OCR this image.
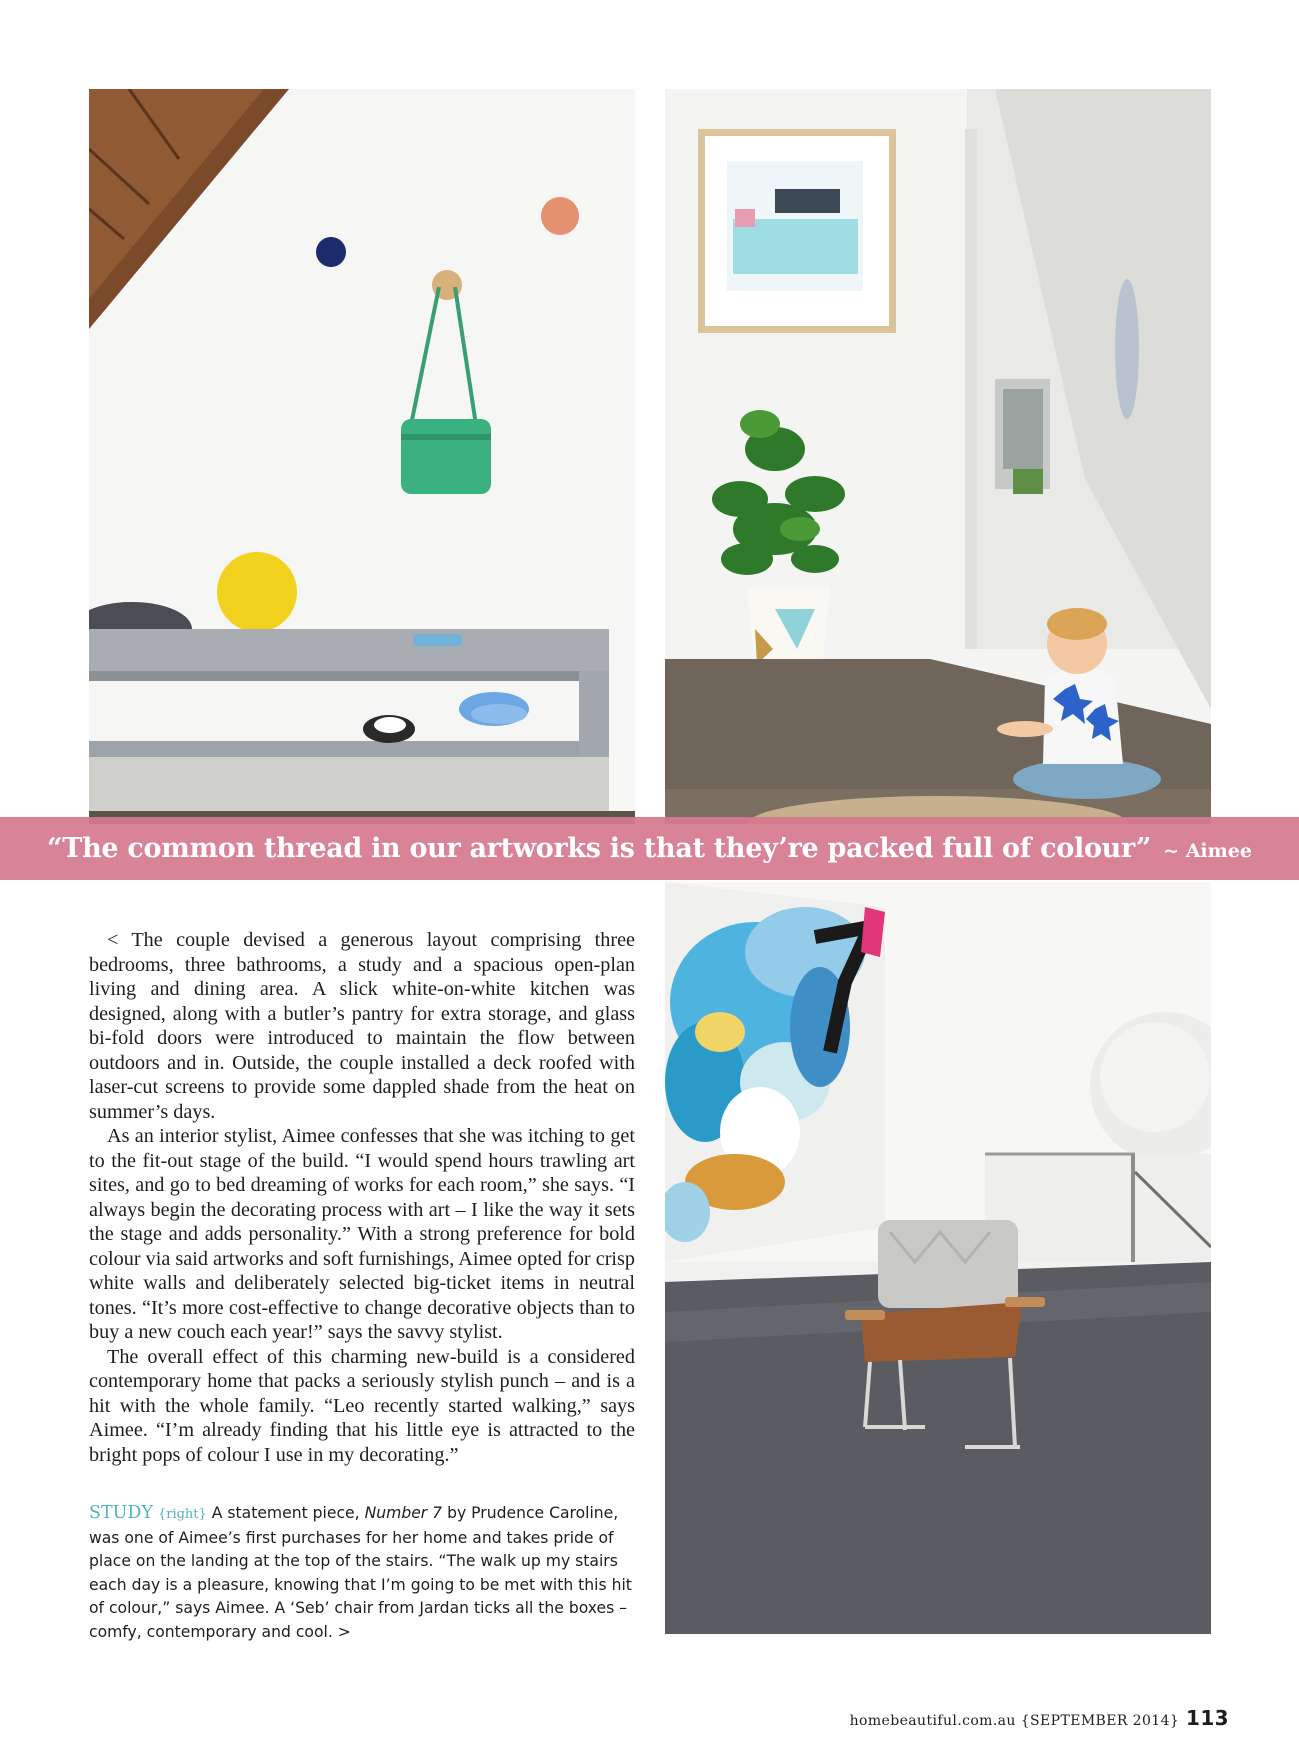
“The common thread in our artworks is that they’re packed full of colour” ~ Aimee

< The couple devised a generous layout comprising three bedrooms, three bathrooms, a study and a spacious open-plan living and dining area. A slick white-on-white kitchen was designed, along with a butler’s pantry for extra storage, and glass bi-fold doors were introduced to maintain the flow between outdoors and in. Outside, the couple installed a deck roofed with laser-cut screens to provide some dappled shade from the heat on summer’s days.

As an interior stylist, Aimee confesses that she was itching to get to the fit-out stage of the build. “I would spend hours trawling art sites, and go to bed dreaming of works for each room,” she says. “I always begin the decorating process with art – I like the way it sets the stage and adds personality.” With a strong preference for bold colour via said artworks and soft furnishings, Aimee opted for crisp white walls and deliberately selected big-ticket items in neutral tones. “It’s more cost-effective to change decorative objects than to buy a new couch each year!” says the savvy stylist.

The overall effect of this charming new-build is a considered contemporary home that packs a seriously stylish punch – and is a hit with the whole family. “Leo recently started walking,” says Aimee. “I’m already finding that his little eye is attracted to the bright pops of colour I use in my decorating.”

STUDY {right} A statement piece, Number 7 by Prudence Caroline, was one of Aimee’s first purchases for her home and takes pride of place on the landing at the top of the stairs. “The walk up my stairs each day is a pleasure, knowing that I’m going to be met with this hit of colour,” says Aimee. A ‘Seb’ chair from Jardan ticks all the boxes – comfy, contemporary and cool. >
homebeautiful.com.au {SEPTEMBER 2014} 113
